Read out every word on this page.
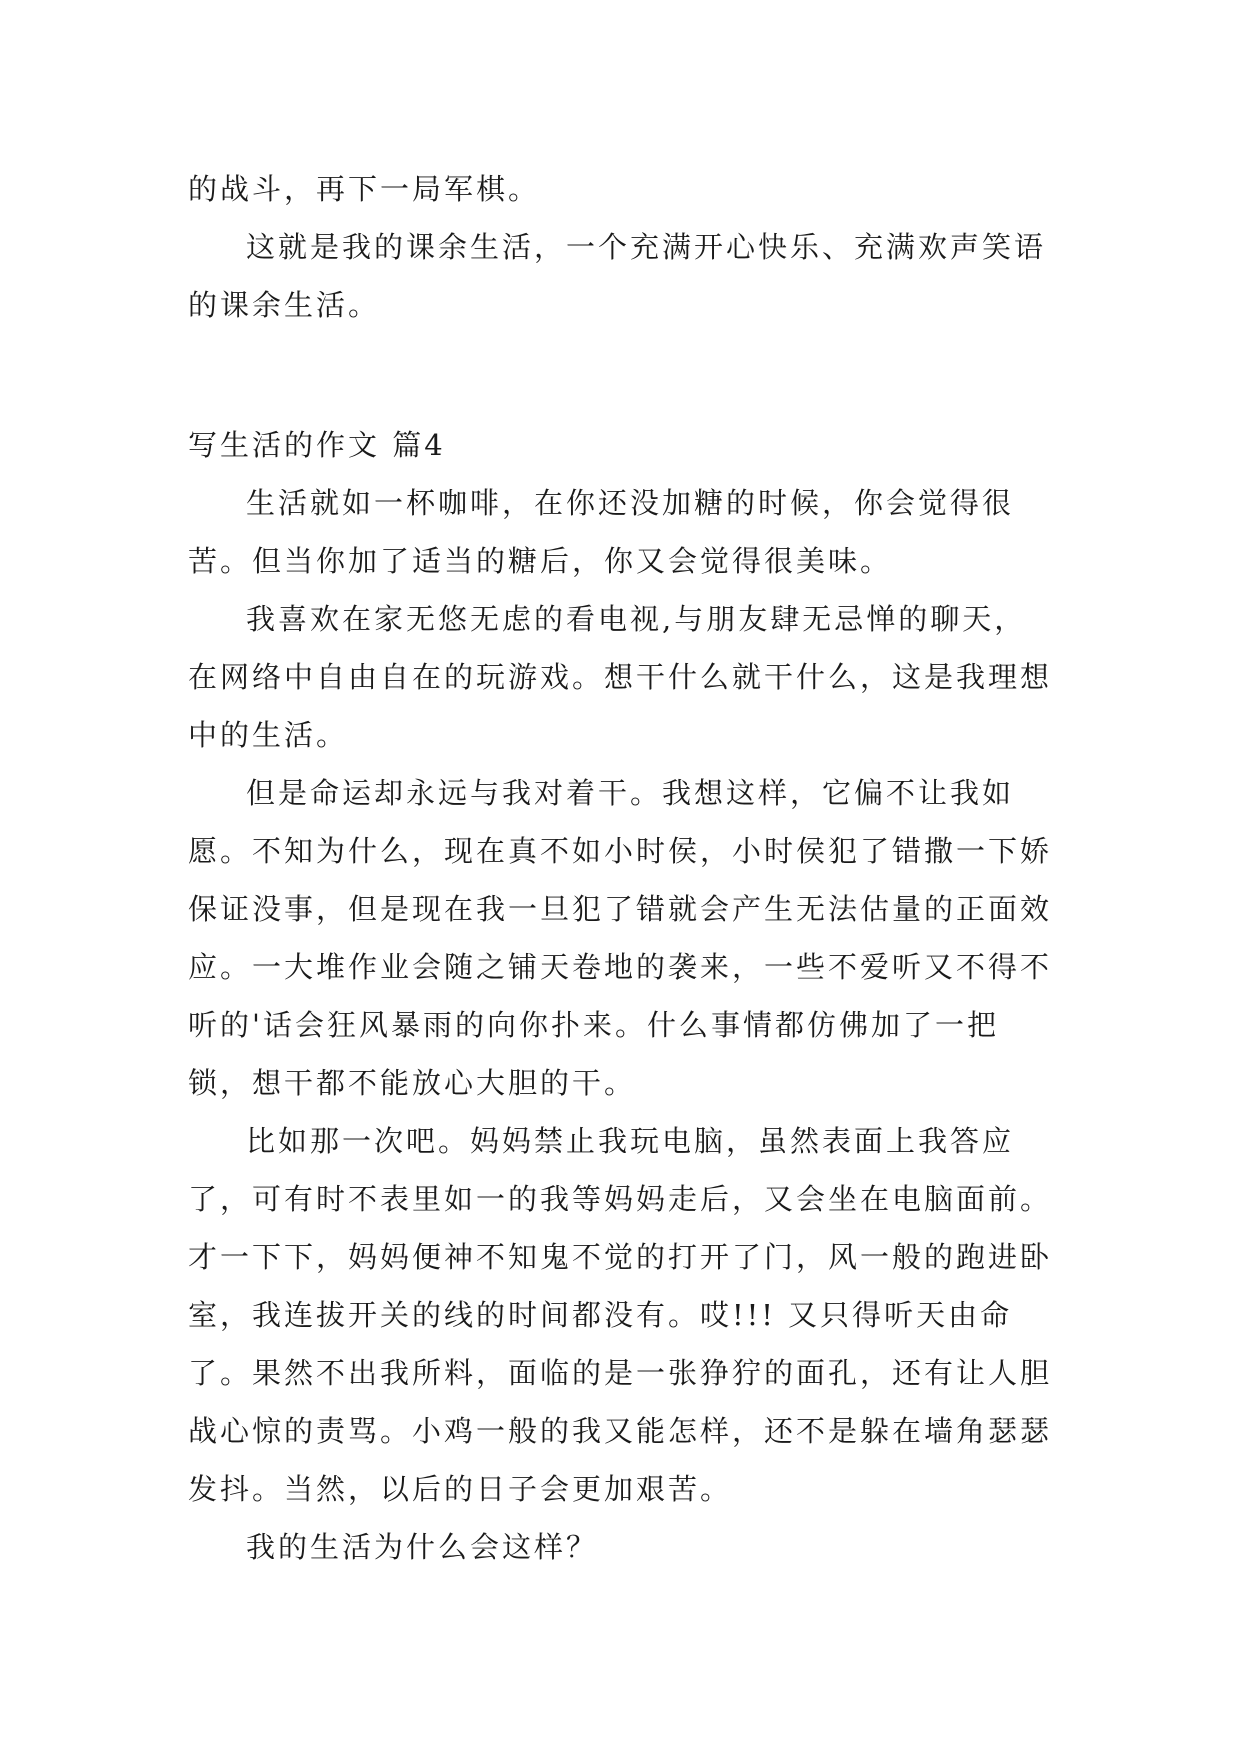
的战斗，再下一局军棋。

这就是我的课余生活，一个充满开心快乐、充满欢声笑语的课余生活。

写生活的作文 篇4

生活就如一杯咖啡，在你还没加糖的时候，你会觉得很苦。但当你加了适当的糖后，你又会觉得很美味。

我喜欢在家无悠无虑的看电视,与朋友肆无忌惮的聊天，在网络中自由自在的玩游戏。想干什么就干什么，这是我理想中的生活。

但是命运却永远与我对着干。我想这样，它偏不让我如愿。不知为什么，现在真不如小时侯，小时侯犯了错撒一下娇保证没事，但是现在我一旦犯了错就会产生无法估量的正面效应。一大堆作业会随之铺天卷地的袭来，一些不爱听又不得不听的'话会狂风暴雨的向你扑来。什么事情都仿佛加了一把锁，想干都不能放心大胆的干。

比如那一次吧。妈妈禁止我玩电脑，虽然表面上我答应了，可有时不表里如一的我等妈妈走后，又会坐在电脑面前。才一下下，妈妈便神不知鬼不觉的打开了门，风一般的跑进卧室，我连拔开关的线的时间都没有。哎!!! 又只得听天由命了。果然不出我所料，面临的是一张狰狞的面孔，还有让人胆战心惊的责骂。小鸡一般的我又能怎样，还不是躲在墙角瑟瑟发抖。当然，以后的日子会更加艰苦。

我的生活为什么会这样？
